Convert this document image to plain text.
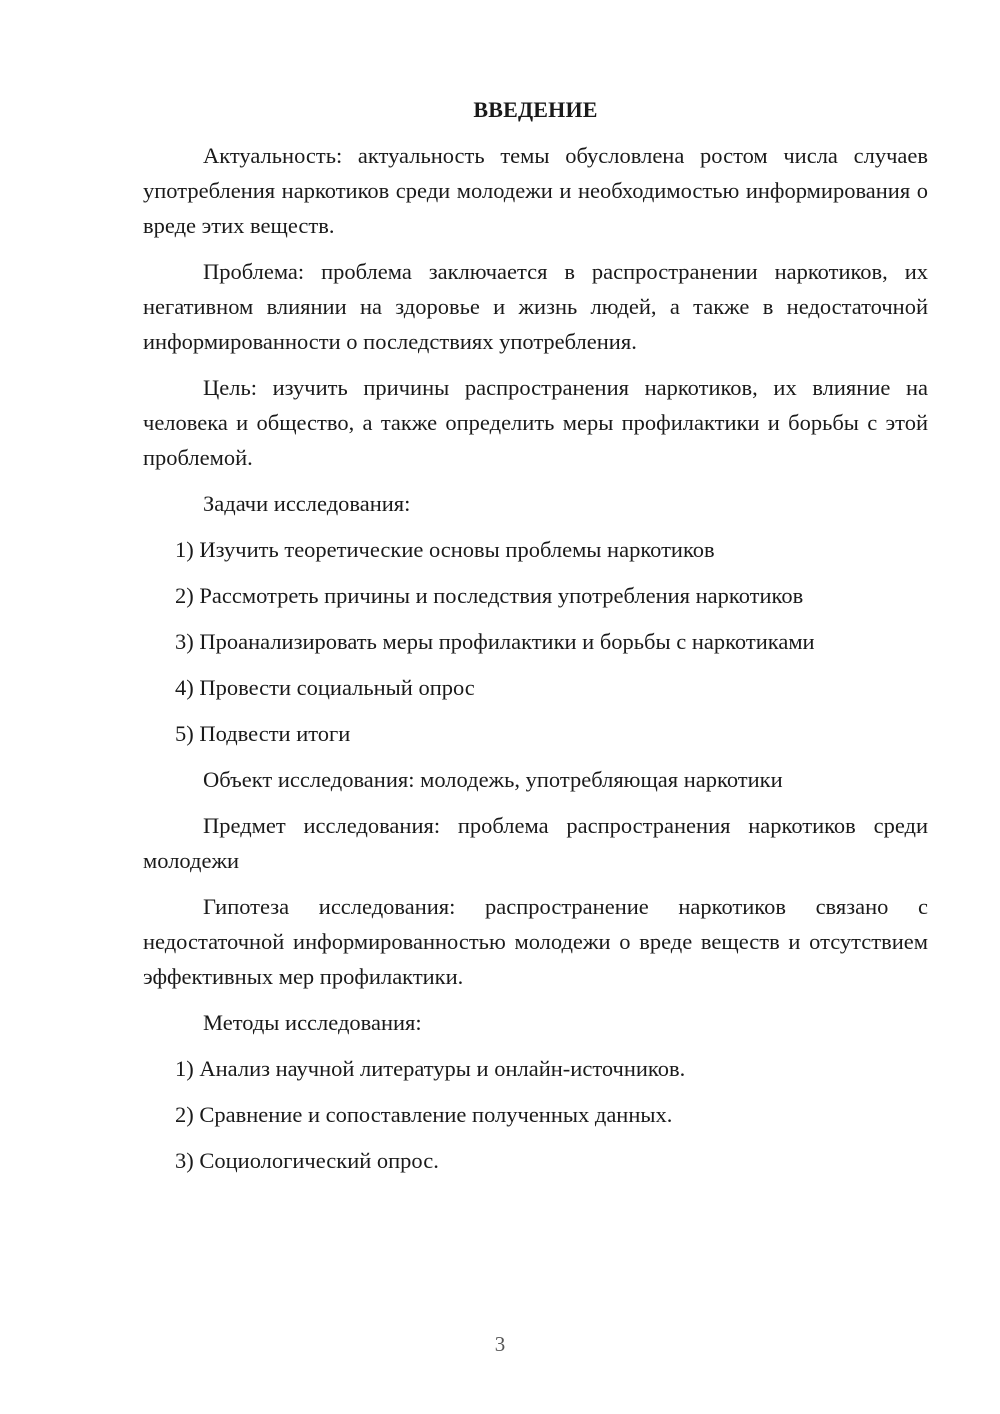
ВВЕДЕНИЕ

Актуальность: актуальность темы обусловлена ростом числа случаев употребления наркотиков среди молодежи и необходимостью информирования о вреде этих веществ.

Проблема: проблема заключается в распространении наркотиков, их негативном влиянии на здоровье и жизнь людей, а также в недостаточной информированности о последствиях употребления.

Цель: изучить причины распространения наркотиков, их влияние на человека и общество, а также определить меры профилактики и борьбы с этой проблемой.

Задачи исследования:

1) Изучить теоретические основы проблемы наркотиков

2) Рассмотреть причины и последствия употребления наркотиков

3) Проанализировать меры профилактики и борьбы с наркотиками

4) Провести социальный опрос

5) Подвести итоги

Объект исследования: молодежь, употребляющая наркотики

Предмет исследования: проблема распространения наркотиков среди молодежи

Гипотеза исследования: распространение наркотиков связано с недостаточной информированностью молодежи о вреде веществ и отсутствием эффективных мер профилактики.

Методы исследования:

1) Анализ научной литературы и онлайн-источников.

2) Сравнение и сопоставление полученных данных.

3) Социологический опрос.

3
